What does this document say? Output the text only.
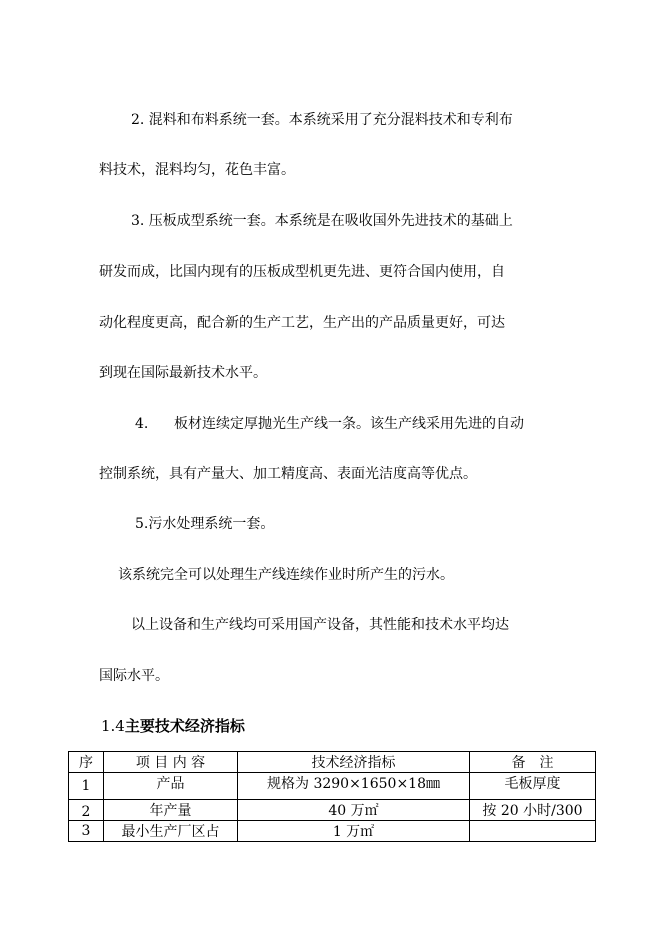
2. 混料和布料系统一套。本系统采用了充分混料技术和专利布
料技术，混料均匀，花色丰富。
3. 压板成型系统一套。本系统是在吸收国外先进技术的基础上
研发而成，比国内现有的压板成型机更先进、更符合国内使用，自
动化程度更高，配合新的生产工艺，生产出的产品质量更好，可达
到现在国际最新技术水平。
4. 板材连续定厚抛光生产线一条。该生产线采用先进的自动
控制系统，具有产量大、加工精度高、表面光洁度高等优点。
5.污水处理系统一套。
该系统完全可以处理生产线连续作业时所产生的污水。
以上设备和生产线均可采用国产设备，其性能和技术水平均达
国际水平。
1.4主要技术经济指标
序	项 目 内 容	技术经济指标	备　注
1	产品	规格为 3290×1650×18㎜	毛板厚度
2	年产量	40 万㎡	按 20 小时/300
3	最小生产厂区占	1 万㎡	
